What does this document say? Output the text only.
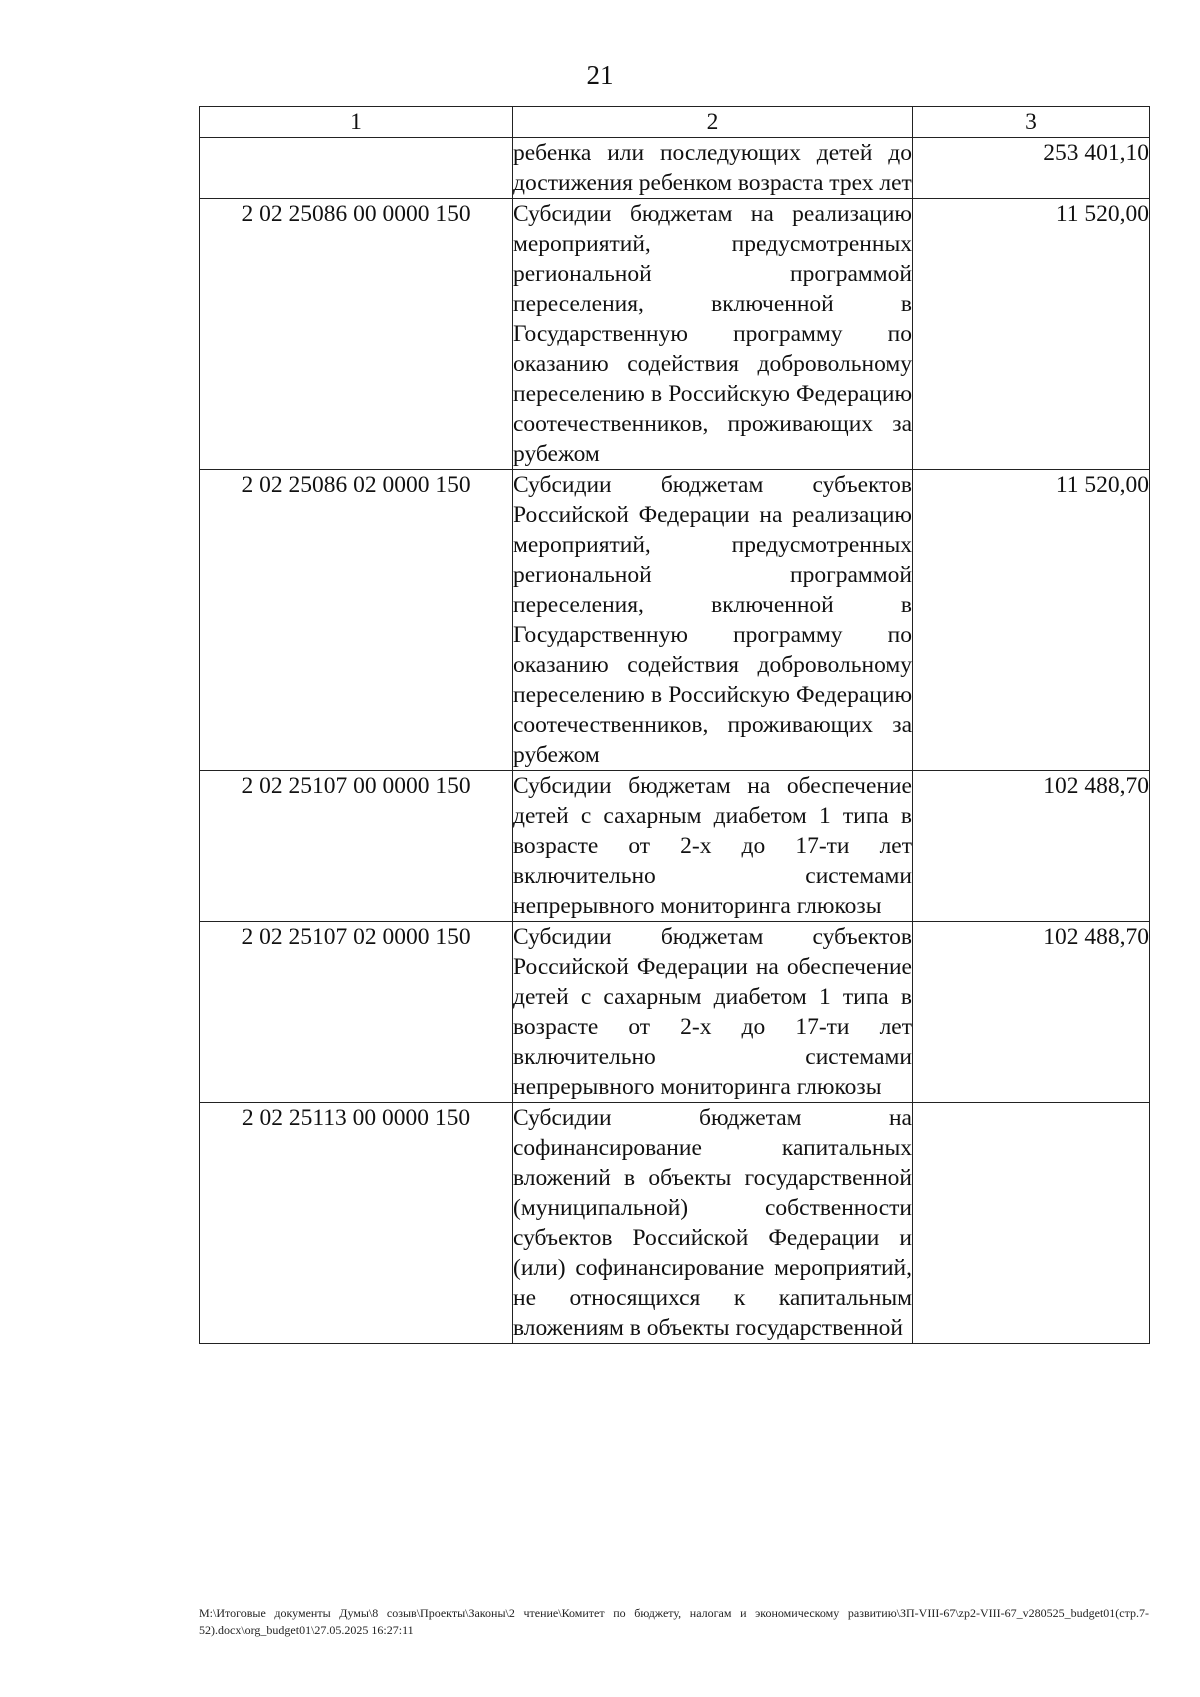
21
1	2	3

	ребенка или последующих детей до достижения ребенком возраста трех лет	253 401,10
2 02 25086 00 0000 150	Субсидии бюджетам на реализацию мероприятий, предусмотренных региональной программой переселения, включенной в Государственную программу по оказанию содействия добровольному переселению в Российскую Федерацию соотечественников, проживающих за рубежом	11 520,00
2 02 25086 02 0000 150	Субсидии бюджетам субъектов Российской Федерации на реализацию мероприятий, предусмотренных региональной программой переселения, включенной в Государственную программу по оказанию содействия добровольному переселению в Российскую Федерацию соотечественников, проживающих за рубежом	11 520,00
2 02 25107 00 0000 150	Субсидии бюджетам на обеспечение детей с сахарным диабетом 1 типа в возрасте от 2-х до 17-ти лет включительно системами непрерывного мониторинга глюкозы	102 488,70
2 02 25107 02 0000 150	Субсидии бюджетам субъектов Российской Федерации на обеспечение детей с сахарным диабетом 1 типа в возрасте от 2-х до 17-ти лет включительно системами непрерывного мониторинга глюкозы	102 488,70
2 02 25113 00 0000 150	Субсидии бюджетам на софинансирование капитальных вложений в объекты государственной (муниципальной) собственности субъектов Российской Федерации и (или) софинансирование мероприятий, не относящихся к капитальным вложениям в объекты государственной	

M:\Итоговые документы Думы\8 созыв\Проекты\Законы\2 чтение\Комитет по бюджету, налогам и экономическому развитию\ЗП-VIII-67\zp2-VIII-67_v280525_budget01(стр.7-52).docx\org_budget01\27.05.2025 16:27:11
